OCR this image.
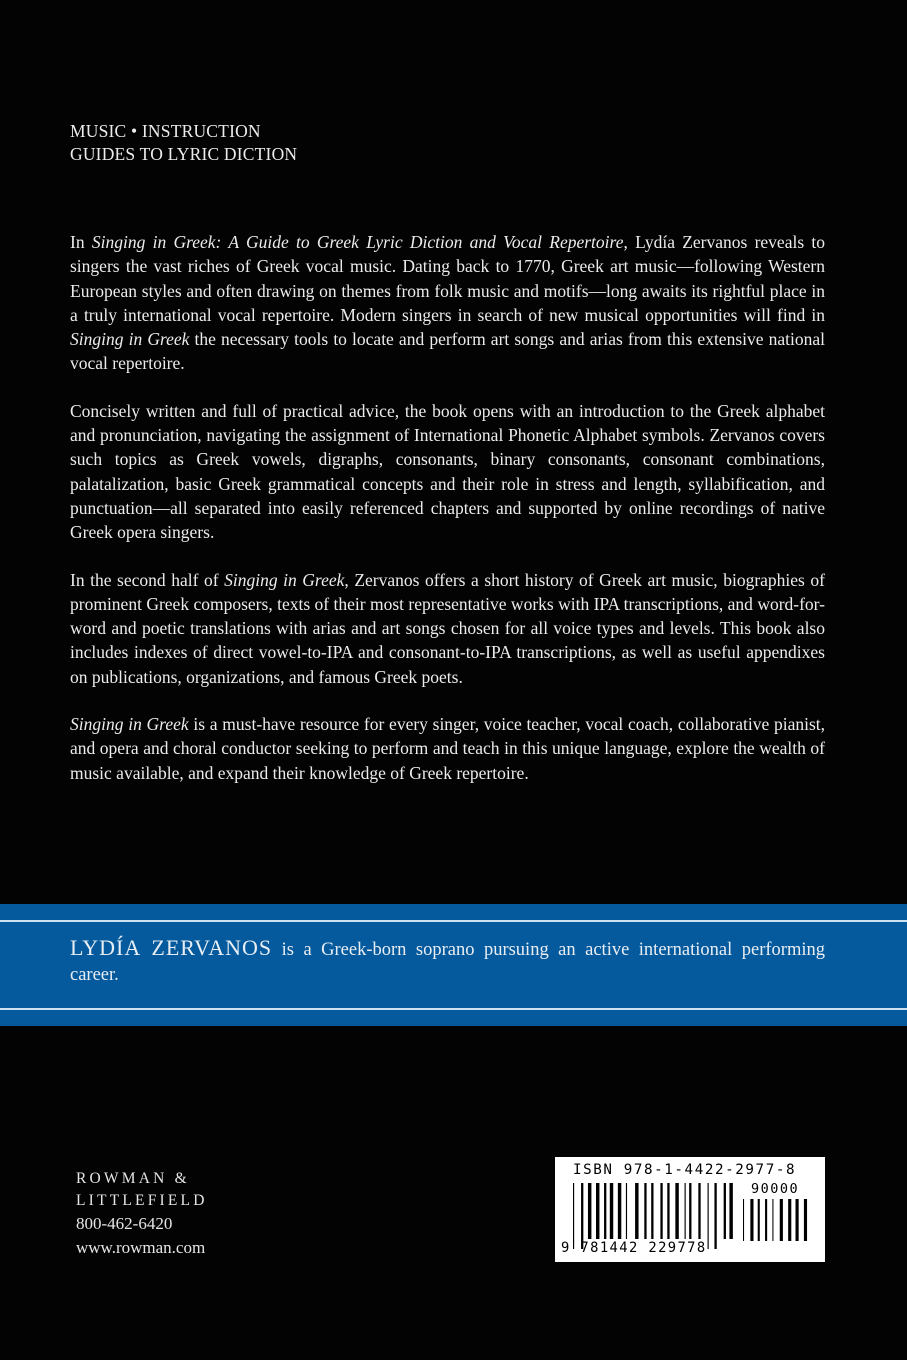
MUSIC • INSTRUCTION
GUIDES TO LYRIC DICTION

In Singing in Greek: A Guide to Greek Lyric Diction and Vocal Repertoire, Lydía Zervanos reveals to singers the vast riches of Greek vocal music. Dating back to 1770, Greek art music—following Western European styles and often drawing on themes from folk music and motifs—long awaits its rightful place in a truly international vocal repertoire. Modern singers in search of new musical opportunities will find in Singing in Greek the necessary tools to locate and perform art songs and arias from this extensive national vocal repertoire.

Concisely written and full of practical advice, the book opens with an introduction to the Greek alphabet and pronunciation, navigating the assignment of International Phonetic Alphabet symbols. Zervanos covers such topics as Greek vowels, digraphs, consonants, binary consonants, consonant combinations, palatalization, basic Greek grammatical concepts and their role in stress and length, syllabification, and punctuation—all separated into easily referenced chapters and supported by online recordings of native Greek opera singers.

In the second half of Singing in Greek, Zervanos offers a short history of Greek art music, biographies of prominent Greek composers, texts of their most representative works with IPA transcriptions, and word-for-word and poetic translations with arias and art songs chosen for all voice types and levels. This book also includes indexes of direct vowel-to-IPA and consonant-to-IPA transcriptions, as well as useful appendixes on publications, organizations, and famous Greek poets.

Singing in Greek is a must-have resource for every singer, voice teacher, vocal coach, collaborative pianist, and opera and choral conductor seeking to perform and teach in this unique language, explore the wealth of music available, and expand their knowledge of Greek repertoire.

LYDÍA ZERVANOS is a Greek-born soprano pursuing an active international performing career.
ROWMAN &
LITTLEFIELD
800-462-6420
www.rowman.com
ISBN 978-1-4422-2977-8
90000
9 781442 229778
